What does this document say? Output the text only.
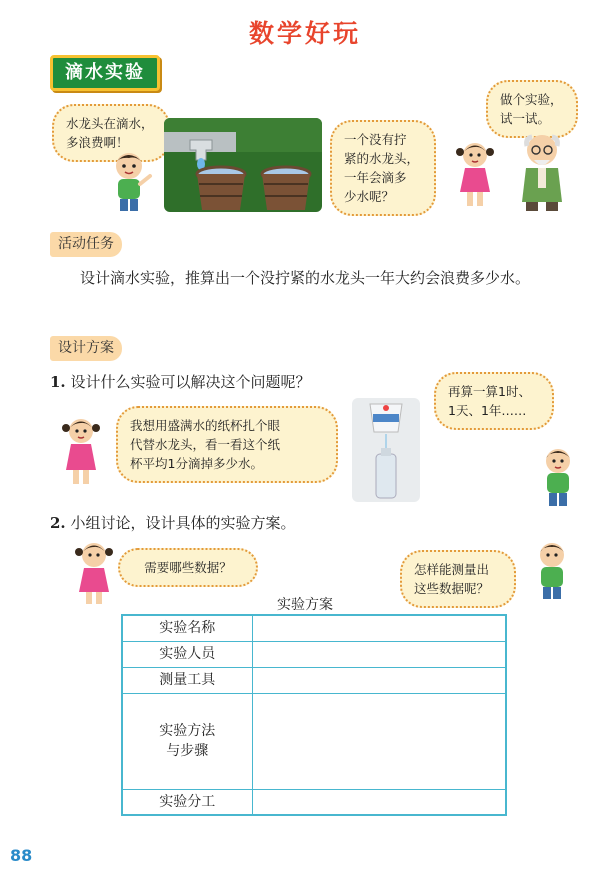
数学好玩
滴水实验
水龙头在滴水，
多浪费啊！	一个没有拧
紧的水龙头，
一年会滴多
少水呢？
做个实验，
试一试。
活动任务
设计滴水实验，推算出一个没拧紧的水龙头一年大约会浪费多少水。
设计方案
1. 设计什么实验可以解决这个问题呢？
我想用盛满水的纸杯扎个眼
代替水龙头，看一看这个纸
杯平均1分滴掉多少水。
再算一算1时、
1天、1年……
2. 小组讨论，设计具体的实验方案。
需要哪些数据？	怎样能测量出
这些数据呢？
实验方案
实验名称	
实验人员	
测量工具	
实验方法
与步骤	
实验分工	
88
